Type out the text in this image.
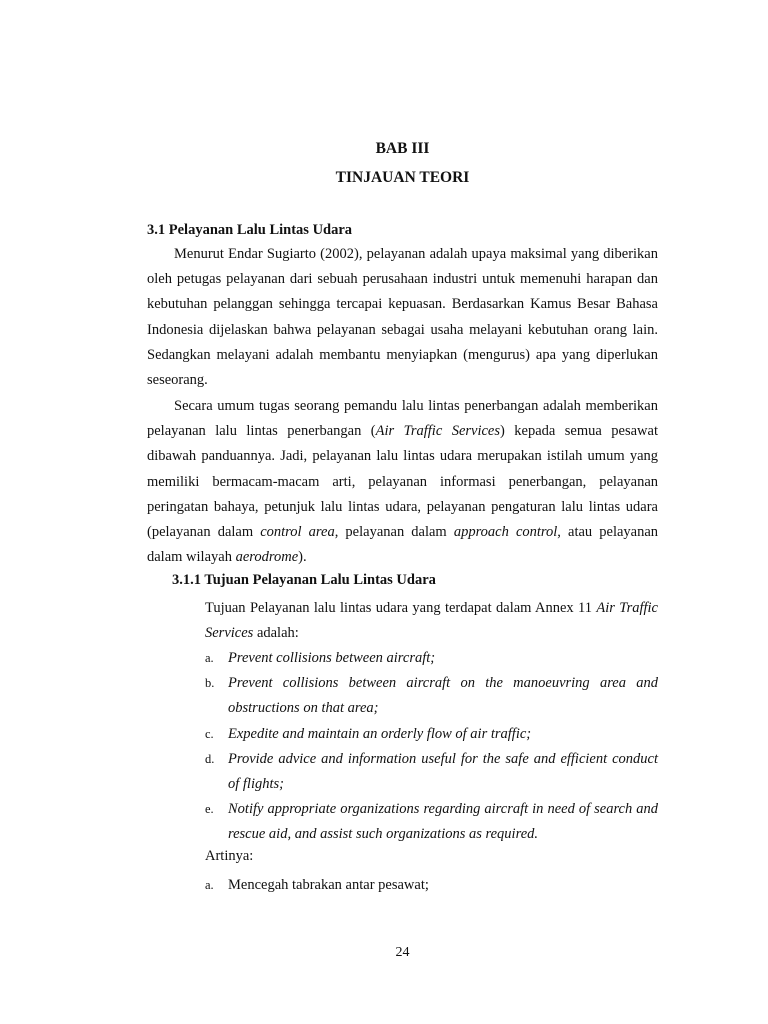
BAB III
TINJAUAN TEORI
3.1 Pelayanan Lalu Lintas Udara

Menurut Endar Sugiarto (2002), pelayanan adalah upaya maksimal yang diberikan oleh petugas pelayanan dari sebuah perusahaan industri untuk memenuhi harapan dan kebutuhan pelanggan sehingga tercapai kepuasan. Berdasarkan Kamus Besar Bahasa Indonesia dijelaskan bahwa pelayanan sebagai usaha melayani kebutuhan orang lain. Sedangkan melayani adalah membantu menyiapkan (mengurus) apa yang diperlukan seseorang.

Secara umum tugas seorang pemandu lalu lintas penerbangan adalah memberikan pelayanan lalu lintas penerbangan (Air Traffic Services) kepada semua pesawat dibawah panduannya. Jadi, pelayanan lalu lintas udara merupakan istilah umum yang memiliki bermacam-macam arti, pelayanan informasi penerbangan, pelayanan peringatan bahaya, petunjuk lalu lintas udara, pelayanan pengaturan lalu lintas udara (pelayanan dalam control area, pelayanan dalam approach control, atau pelayanan dalam wilayah aerodrome).

3.1.1 Tujuan Pelayanan Lalu Lintas Udara

Tujuan Pelayanan lalu lintas udara yang terdapat dalam Annex 11 Air Traffic Services adalah:

a. Prevent collisions between aircraft;
b. Prevent collisions between aircraft on the manoeuvring area and obstructions on that area;
c. Expedite and maintain an orderly flow of air traffic;
d. Provide advice and information useful for the safe and efficient conduct of flights;
e. Notify appropriate organizations regarding aircraft in need of search and rescue aid, and assist such organizations as required.
Artinya:
a. Mencegah tabrakan antar pesawat;
24
